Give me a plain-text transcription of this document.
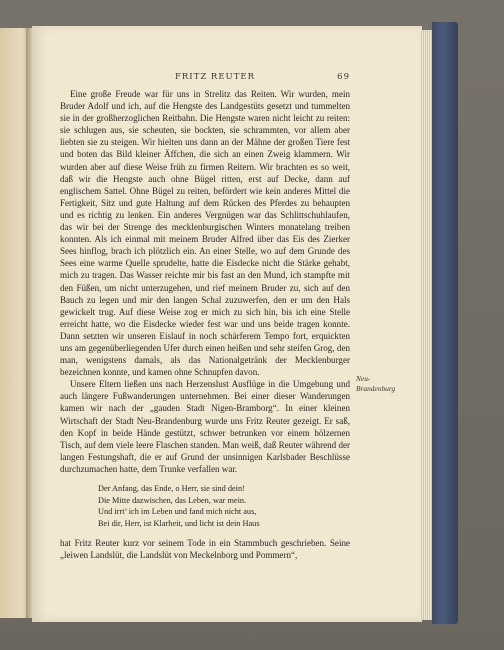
FRITZ REUTER	69

Eine große Freude war für uns in Strelitz das Reiten. Wir wurden, mein Bruder Adolf und ich, auf die Hengste des Landgestüts gesetzt und tummelten sie in der großherzoglichen Reitbahn. Die Hengste waren nicht leicht zu reiten: sie schlugen aus, sie scheuten, sie bockten, sie schrammten, vor allem aber liebten sie zu steigen. Wir hielten uns dann an der Mähne der großen Tiere fest und boten das Bild kleiner Äffchen, die sich an einen Zweig klammern. Wir wurden aber auf diese Weise früh zu firmen Reitern. Wir brachten es so weit, daß wir die Hengste auch ohne Bügel ritten, erst auf Decke, dann auf englischem Sattel. Ohne Bügel zu reiten, befördert wie kein anderes Mittel die Fertigkeit, Sitz und gute Haltung auf dem Rücken des Pferdes zu behaupten und es richtig zu lenken. Ein anderes Vergnügen war das Schlittschuhlaufen, das wir bei der Strenge des mecklenburgischen Winters monatelang treiben konnten. Als ich einmal mit meinem Bruder Alfred über das Eis des Zierker Sees hinflog, brach ich plötzlich ein. An einer Stelle, wo auf dem Grunde des Sees eine warme Quelle sprudelte, hatte die Eisdecke nicht die Stärke gehabt, mich zu tragen. Das Wasser reichte mir bis fast an den Mund, ich stampfte mit den Füßen, um nicht unterzugehen, und rief meinem Bruder zu, sich auf den Bauch zu legen und mir den langen Schal zuzuwerfen, den er um den Hals gewickelt trug. Auf diese Weise zog er mich zu sich hin, bis ich eine Stelle erreicht hatte, wo die Eisdecke wieder fest war und uns beide tragen konnte. Dann setzten wir unseren Eislauf in noch schärferem Tempo fort, erquickten uns am gegenüberliegenden Ufer durch einen heißen und sehr steifen Grog, den man, wenigstens damals, als das Nationalgetränk der Mecklenburger bezeichnen konnte, und kamen ohne Schnupfen davon.

Unsere Eltern ließen uns nach Herzenslust Ausflüge in die Umgebung und auch längere Fußwanderungen unternehmen. Bei einer dieser Wanderungen kamen wir nach der „gauden Stadt Nigen-Bramborg“. In einer kleinen Wirtschaft der Stadt Neu-Brandenburg wurde uns Fritz Reuter gezeigt. Er saß, den Kopf in beide Hände gestützt, schwer betrunken vor einem hölzernen Tisch, auf dem viele leere Flaschen standen. Man weiß, daß Reuter während der langen Festungshaft, die er auf Grund der unsinnigen Karlsbader Beschlüsse durchzumachen hatte, dem Trunke verfallen war.

Der Anfang, das Ende, o Herr, sie sind dein!
Die Mitte dazwischen, das Leben, war mein.
Und irrt’ ich im Leben und fand mich nicht aus,
Bei dir, Herr, ist Klarheit, und licht ist dein Haus

hat Fritz Reuter kurz vor seinem Tode in ein Stammbuch geschrieben. Seine „leiwen Landslüt, die Landslüt von Meckelnborg und Pommern“,

Neu-
Brandenburg
